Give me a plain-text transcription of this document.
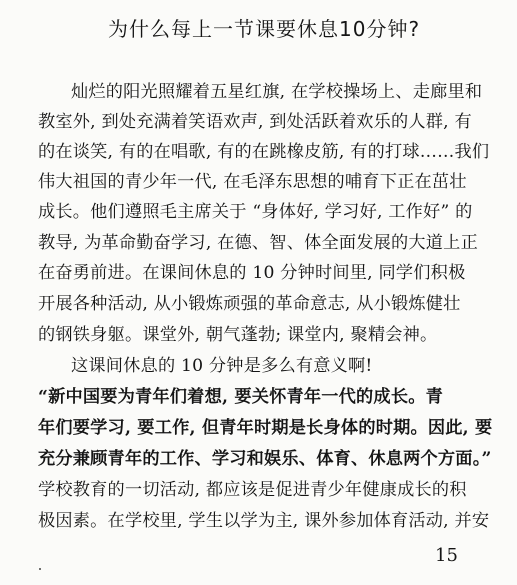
为什么每上一节课要休息10分钟?
灿烂的阳光照耀着五星红旗, 在学校操场上、走廊里和
教室外, 到处充满着笑语欢声, 到处活跃着欢乐的人群, 有
的在谈笑, 有的在唱歌, 有的在跳橡皮筋, 有的打球……我们
伟大祖国的青少年一代, 在毛泽东思想的哺育下正在茁壮
成长。他们遵照毛主席关于 “身体好, 学习好, 工作好” 的
教导, 为革命勤奋学习, 在德、智、体全面发展的大道上正
在奋勇前进。在课间休息的 10 分钟时间里, 同学们积极
开展各种活动, 从小锻炼顽强的革命意志, 从小锻炼健壮
的钢铁身躯。课堂外, 朝气蓬勃; 课堂内, 聚精会神。
这课间休息的 10 分钟是多么有意义啊!
“新中国要为青年们着想, 要关怀青年一代的成长。青
年们要学习, 要工作, 但青年时期是长身体的时期。因此, 要
充分兼顾青年的工作、学习和娱乐、体育、休息两个方面。”
学校教育的一切活动, 都应该是促进青少年健康成长的积
极因素。在学校里, 学生以学为主, 课外参加体育活动, 并安
15
